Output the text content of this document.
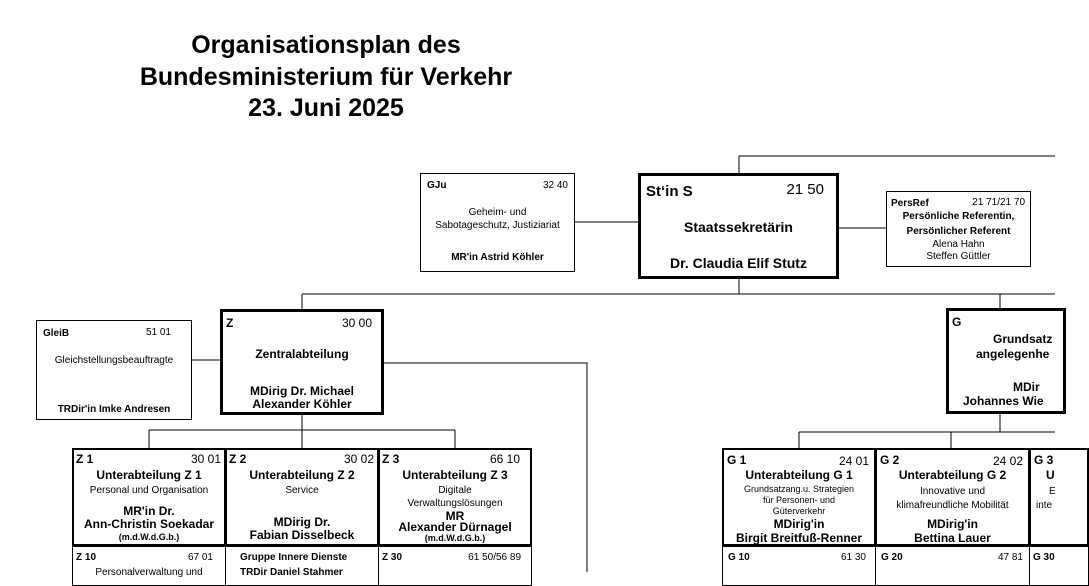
Organisationsplan des
Bundesministerium für Verkehr
23. Juni 2025
GJu	32 40
Geheim- und
Sabotageschutz, Justiziariat
MR'in Astrid Köhler
St‘in S	21 50
Staatssekretärin
Dr. Claudia Elif Stutz
PersRef	21 71/21 70
Persönliche Referentin,
Persönlicher Referent
Alena Hahn
Steffen Güttler
GleiB	51 01
Gleichstellungsbeauftragte
TRDir'in Imke Andresen
Z	30 00
Zentralabteilung
MDirig Dr. Michael
Alexander Köhler
G
Grundsatz
angelegenhe
MDir
Johannes Wie
Z 1	30 01
Unterabteilung Z 1
Personal und Organisation
MR'in Dr.
Ann-Christin Soekadar
(m.d.W.d.G.b.)
Z 2	30 02
Unterabteilung Z 2
Service
MDirig Dr.
Fabian Disselbeck
Z 3	66 10
Unterabteilung Z 3
Digitale
Verwaltungslösungen
MR
Alexander Dürnagel
(m.d.W.d.G.b.)
G 1	24 01
Unterabteilung G 1
Grundsatzang.u. Strategien
für Personen- und
Güterverkehr
MDirig'in
Birgit Breitfuß-Renner
G 2	24 02
Unterabteilung G 2
Innovative und
klimafreundliche Mobilität
MDirig'in
Bettina Lauer
G 3
U
E
inte
Z 10	67 01
Personalverwaltung und
Gruppe Innere Dienste
TRDir Daniel Stahmer
Z 30	61 50/56 89	G 10	61 30 G 20	47 81 G 30
